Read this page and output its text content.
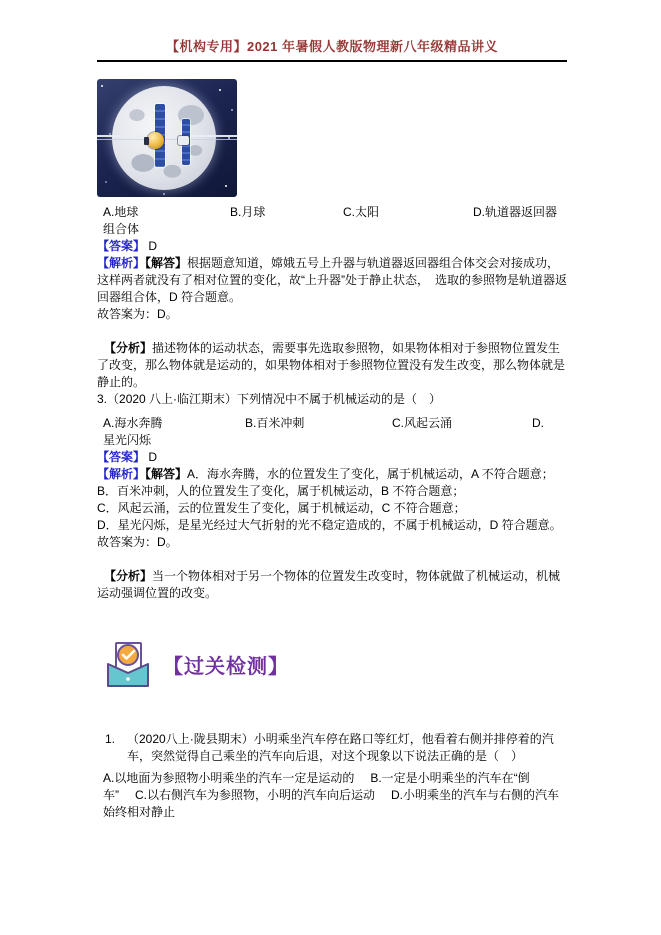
【机构专用】2021 年暑假人教版物理新八年级精品讲义
A.地球	B.月球	C.太阳	D.轨道器返回器
组合体
【答案】 D
【解析】【解答】根据题意知道，嫦娥五号上升器与轨道器返回器组合体交会对接成功，这样两者就没有了相对位置的变化，故“上升器”处于静止状态，　选取的参照物是轨道器返回器组合体，D 符合题意。
故答案为：D。
【分析】描述物体的运动状态，需要事先选取参照物，如果物体相对于参照物位置发生了改变，那么物体就是运动的，如果物体相对于参照物位置没有发生改变，那么物体就是静止的。
3.（2020 八上·临江期末）下列情况中不属于机械运动的是（　）
A.海水奔腾	B.百米冲刺	C.风起云涌	D.
星光闪烁
【答案】 D
【解析】【解答】A．海水奔腾，水的位置发生了变化，属于机械运动，A 不符合题意；
B．百米冲刺，人的位置发生了变化，属于机械运动，B 不符合题意；
C．风起云涌，云的位置发生了变化，属于机械运动，C 不符合题意；
D．星光闪烁，是星光经过大气折射的光不稳定造成的，不属于机械运动，D 符合题意。
故答案为：D。
【分析】当一个物体相对于另一个物体的位置发生改变时，物体就做了机械运动，机械运动强调位置的改变。
【过关检测】
1. （2020八上·陇县期末）小明乘坐汽车停在路口等红灯，他看着右侧并排停着的汽车，突然觉得自己乘坐的汽车向后退，对这个现象以下说法正确的是（　）
A.以地面为参照物小明乘坐的汽车一定是运动的 B.一定是小明乘坐的汽车在“倒车” C.以右侧汽车为参照物，小明的汽车向后运动 D.小明乘坐的汽车与右侧的汽车始终相对静止
